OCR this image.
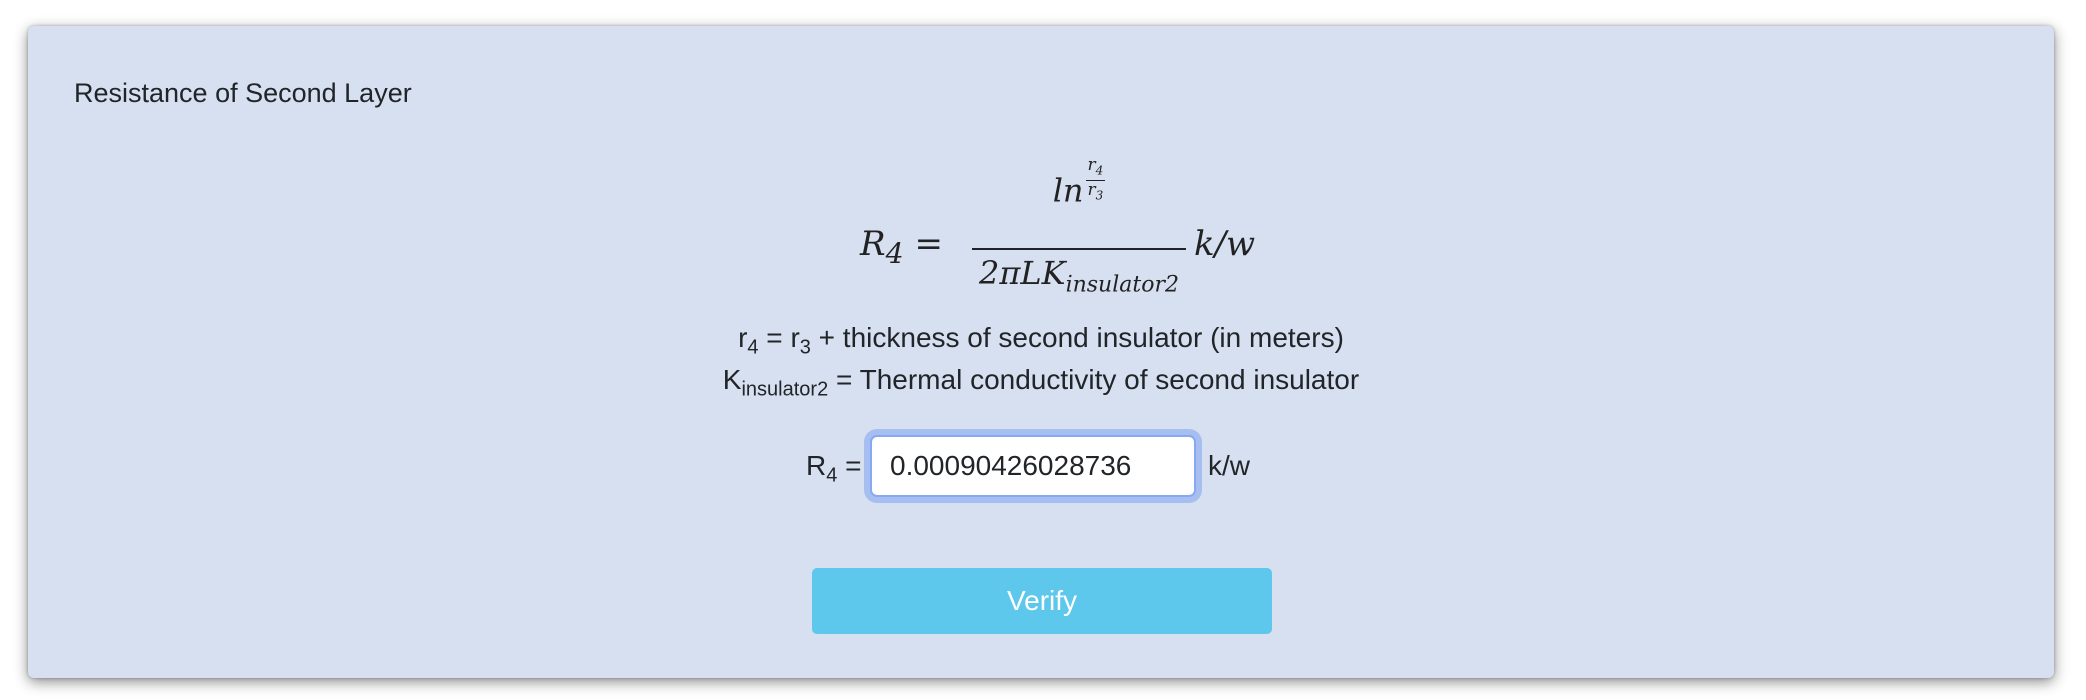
Resistance of Second Layer
$R_4$ =
$\ln \frac{r_4}{r_3}$
2πLK$_{insulator2}$
k/w
$r_4 = r_3$ + thickness of second insulator (in meters)
$K_{insulator2}$ = Thermal conductivity of second insulator
$R_4$ =
0.00090426028736	k/w
Verify
